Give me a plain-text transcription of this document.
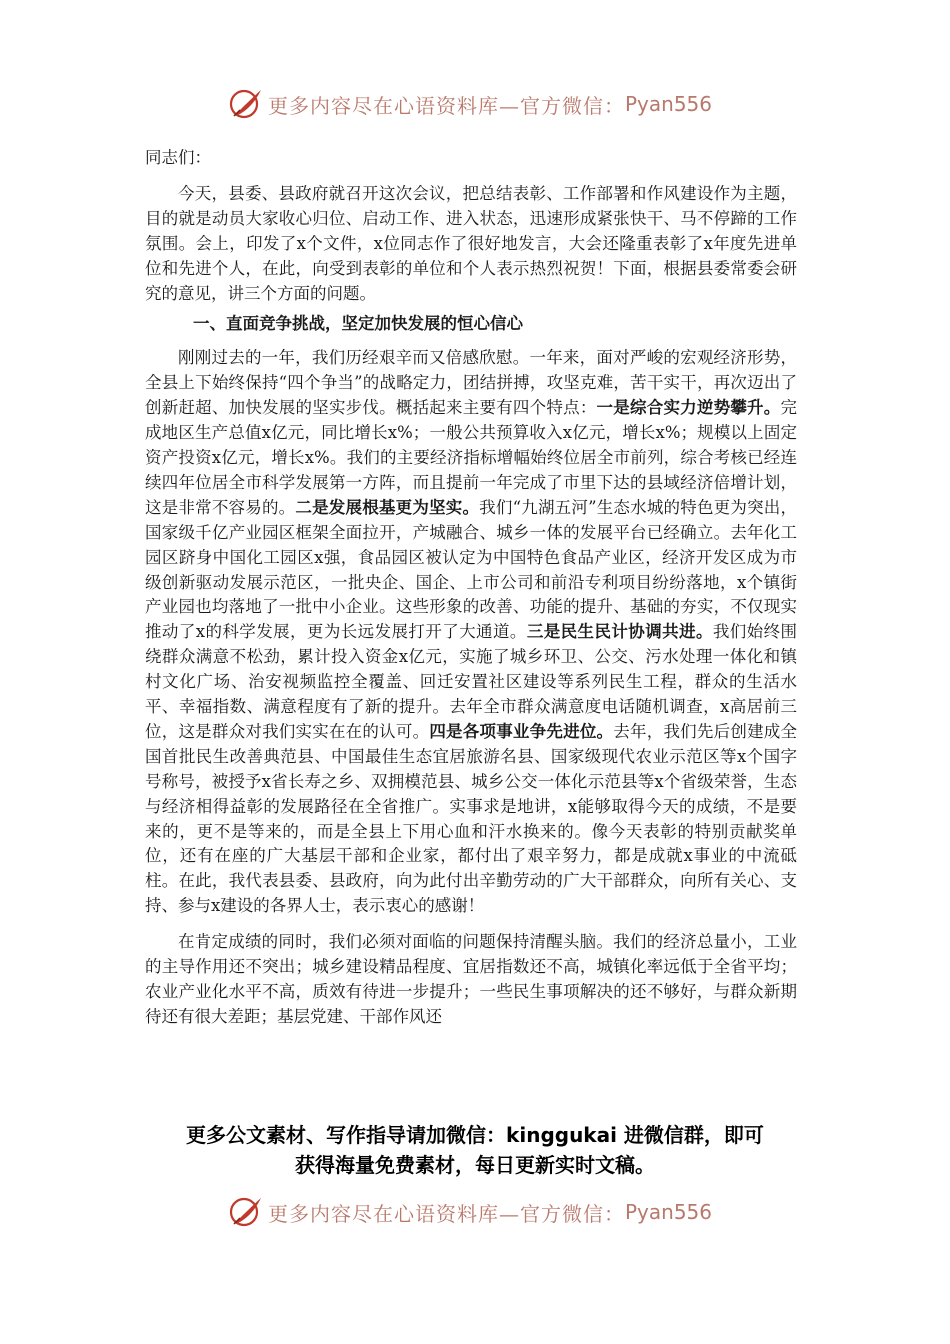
更多内容尽在心语资料库—官方微信： Pyan556

同志们：

今天，县委、县政府就召开这次会议，把总结表彰、工作部署和作风建设作为主题，目的就是动员大家收心归位、启动工作、进入状态，迅速形成紧张快干、马不停蹄的工作氛围。会上，印发了x个文件，x位同志作了很好地发言，大会还隆重表彰了x年度先进单位和先进个人，在此，向受到表彰的单位和个人表示热烈祝贺！下面，根据县委常委会研究的意见，讲三个方面的问题。

一、直面竞争挑战，坚定加快发展的恒心信心

刚刚过去的一年，我们历经艰辛而又倍感欣慰。一年来，面对严峻的宏观经济形势，全县上下始终保持“四个争当”的战略定力，团结拼搏，攻坚克难，苦干实干，再次迈出了创新赶超、加快发展的坚实步伐。概括起来主要有四个特点：一是综合实力逆势攀升。完成地区生产总值x亿元，同比增长x%；一般公共预算收入x亿元，增长x%；规模以上固定资产投资x亿元，增长x%。我们的主要经济指标增幅始终位居全市前列，综合考核已经连续四年位居全市科学发展第一方阵，而且提前一年完成了市里下达的县域经济倍增计划，这是非常不容易的。二是发展根基更为坚实。我们“九湖五河”生态水城的特色更为突出，国家级千亿产业园区框架全面拉开，产城融合、城乡一体的发展平台已经确立。去年化工园区跻身中国化工园区x强，食品园区被认定为中国特色食品产业区，经济开发区成为市级创新驱动发展示范区，一批央企、国企、上市公司和前沿专利项目纷纷落地，x个镇街产业园也均落地了一批中小企业。这些形象的改善、功能的提升、基础的夯实，不仅现实推动了x的科学发展，更为长远发展打开了大通道。三是民生民计协调共进。我们始终围绕群众满意不松劲，累计投入资金x亿元，实施了城乡环卫、公交、污水处理一体化和镇村文化广场、治安视频监控全覆盖、回迁安置社区建设等系列民生工程，群众的生活水平、幸福指数、满意程度有了新的提升。去年全市群众满意度电话随机调查，x高居前三位，这是群众对我们实实在在的认可。四是各项事业争先进位。去年，我们先后创建成全国首批民生改善典范县、中国最佳生态宜居旅游名县、国家级现代农业示范区等x个国字号称号，被授予x省长寿之乡、双拥模范县、城乡公交一体化示范县等x个省级荣誉，生态与经济相得益彰的发展路径在全省推广。实事求是地讲，x能够取得今天的成绩，不是要来的，更不是等来的，而是全县上下用心血和汗水换来的。像今天表彰的特别贡献奖单位，还有在座的广大基层干部和企业家，都付出了艰辛努力，都是成就x事业的中流砥柱。在此，我代表县委、县政府，向为此付出辛勤劳动的广大干部群众，向所有关心、支持、参与x建设的各界人士，表示衷心的感谢！

在肯定成绩的同时，我们必须对面临的问题保持清醒头脑。我们的经济总量小，工业的主导作用还不突出；城乡建设精品程度、宜居指数还不高，城镇化率远低于全省平均；农业产业化水平不高，质效有待进一步提升；一些民生事项解决的还不够好，与群众新期待还有很大差距；基层党建、干部作风还

更多公文素材、写作指导请加微信：kinggukai 进微信群，即可
获得海量免费素材，每日更新实时文稿。
更多内容尽在心语资料库—官方微信： Pyan556
